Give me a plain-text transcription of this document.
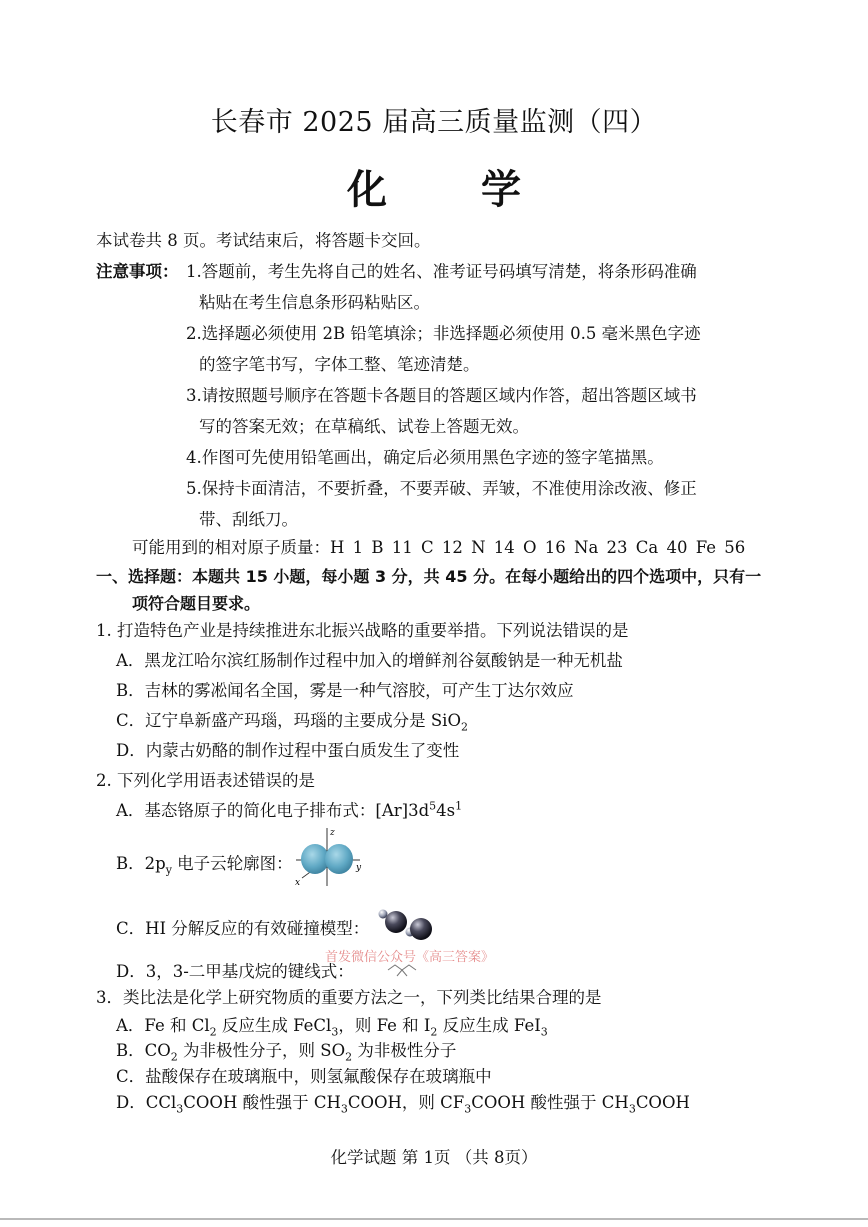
长春市 2025 届高三质量监测（四）
化 学
本试卷共 8 页。考试结束后，将答题卡交回。
注意事项： 1.答题前，考生先将自己的姓名、准考证号码填写清楚，将条形码准确
粘贴在考生信息条形码粘贴区。
2.选择题必须使用 2B 铅笔填涂；非选择题必须使用 0.5 毫米黑色字迹
的签字笔书写，字体工整、笔迹清楚。
3.请按照题号顺序在答题卡各题目的答题区域内作答，超出答题区域书
写的答案无效；在草稿纸、试卷上答题无效。
4.作图可先使用铅笔画出，确定后必须用黑色字迹的签字笔描黑。
5.保持卡面清洁，不要折叠，不要弄破、弄皱，不准使用涂改液、修正
带、刮纸刀。
可能用到的相对原子质量：H 1 B 11 C 12 N 14 O 16 Na 23 Ca 40 Fe 56
一、选择题：本题共 15 小题，每小题 3 分，共 45 分。在每小题给出的四个选项中，只有一
项符合题目要求。
1. 打造特色产业是持续推进东北振兴战略的重要举措。下列说法错误的是
A．黑龙江哈尔滨红肠制作过程中加入的增鲜剂谷氨酸钠是一种无机盐
B．吉林的雾凇闻名全国，雾是一种气溶胶，可产生丁达尔效应
C．辽宁阜新盛产玛瑙，玛瑙的主要成分是 SiO$_2$
D．内蒙古奶酪的制作过程中蛋白质发生了变性
2. 下列化学用语表述错误的是
A．基态铬原子的简化电子排布式：$[Ar]3d^54s^1$
B．$2p_y$ 电子云轮廓图：
z
y
x
C．HI 分解反应的有效碰撞模型：
首发微信公众号《高三答案》
D．3，3-二甲基戊烷的键线式：
3．类比法是化学上研究物质的重要方法之一，下列类比结果合理的是
A．Fe 和 $Cl_2$ 反应生成 FeCl$_3$，则 Fe 和 $I_2$ 反应生成 FeI$_3$
B．$CO_2$ 为非极性分子，则 $SO_2$ 为非极性分子
C．盐酸保存在玻璃瓶中，则氢氟酸保存在玻璃瓶中
D．CCl$_3$COOH 酸性强于 $CH_3COOH$，则 $CF_3COOH$ 酸性强于 $CH_3COOH$
化学试题 第 1页 （共 8页）
